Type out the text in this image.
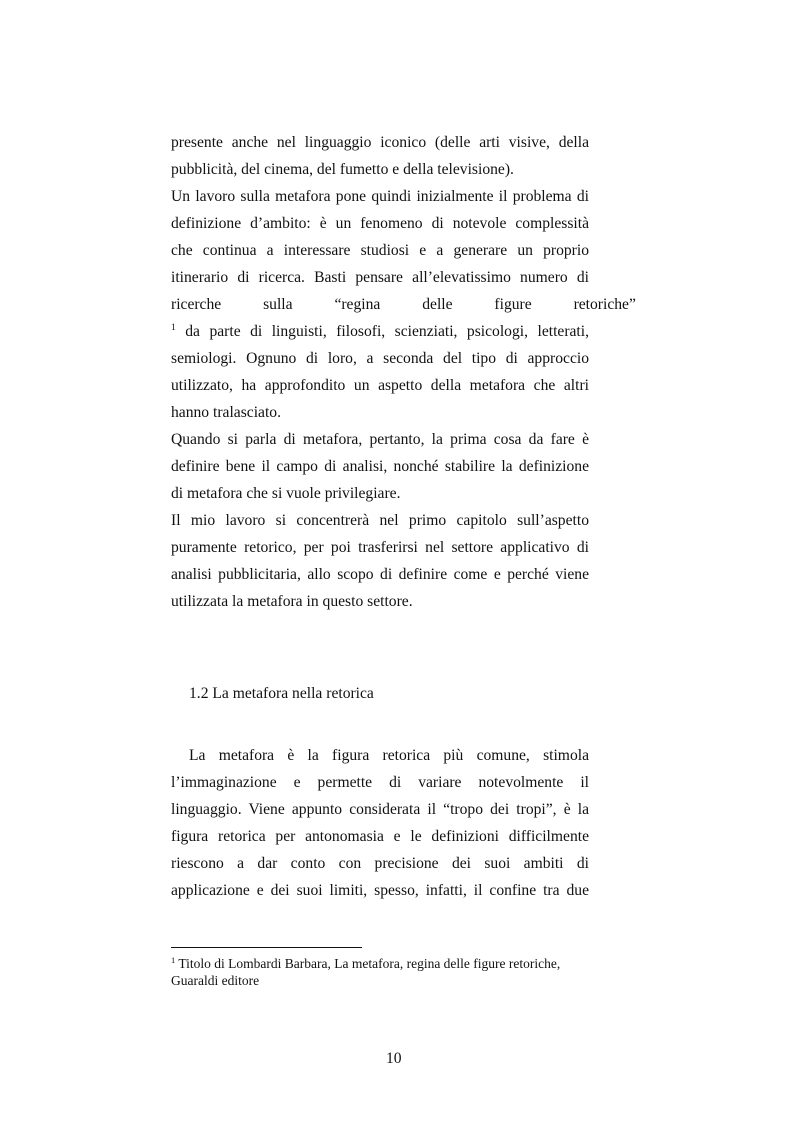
presente anche nel linguaggio iconico (delle arti visive, della
pubblicità, del cinema, del fumetto e della televisione).
Un lavoro sulla metafora pone quindi inizialmente il problema di
definizione d’ambito: è un fenomeno di notevole complessità
che continua a interessare studiosi e a generare un proprio
itinerario di ricerca. Basti pensare all’elevatissimo numero di
ricerche sulla “regina delle figure retoriche”
$^1$ da parte di linguisti, filosofi, scienziati, psicologi, letterati,
semiologi. Ognuno di loro, a seconda del tipo di approccio
utilizzato, ha approfondito un aspetto della metafora che altri
hanno tralasciato.
Quando si parla di metafora, pertanto, la prima cosa da fare è
definire bene il campo di analisi, nonché stabilire la definizione
di metafora che si vuole privilegiare.
Il mio lavoro si concentrerà nel primo capitolo sull’aspetto
puramente retorico, per poi trasferirsi nel settore applicativo di
analisi pubblicitaria, allo scopo di definire come e perché viene
utilizzata la metafora in questo settore.
1.2 La metafora nella retorica
La metafora è la figura retorica più comune, stimola
l’immaginazione e permette di variare notevolmente il
linguaggio. Viene appunto considerata il “tropo dei tropi”, è la
figura retorica per antonomasia e le definizioni difficilmente
riescono a dar conto con precisione dei suoi ambiti di
applicazione e dei suoi limiti, spesso, infatti, il confine tra due
$^1$ Titolo di Lombardi Barbara, La metafora, regina delle figure retoriche,
Guaraldi editore
10
